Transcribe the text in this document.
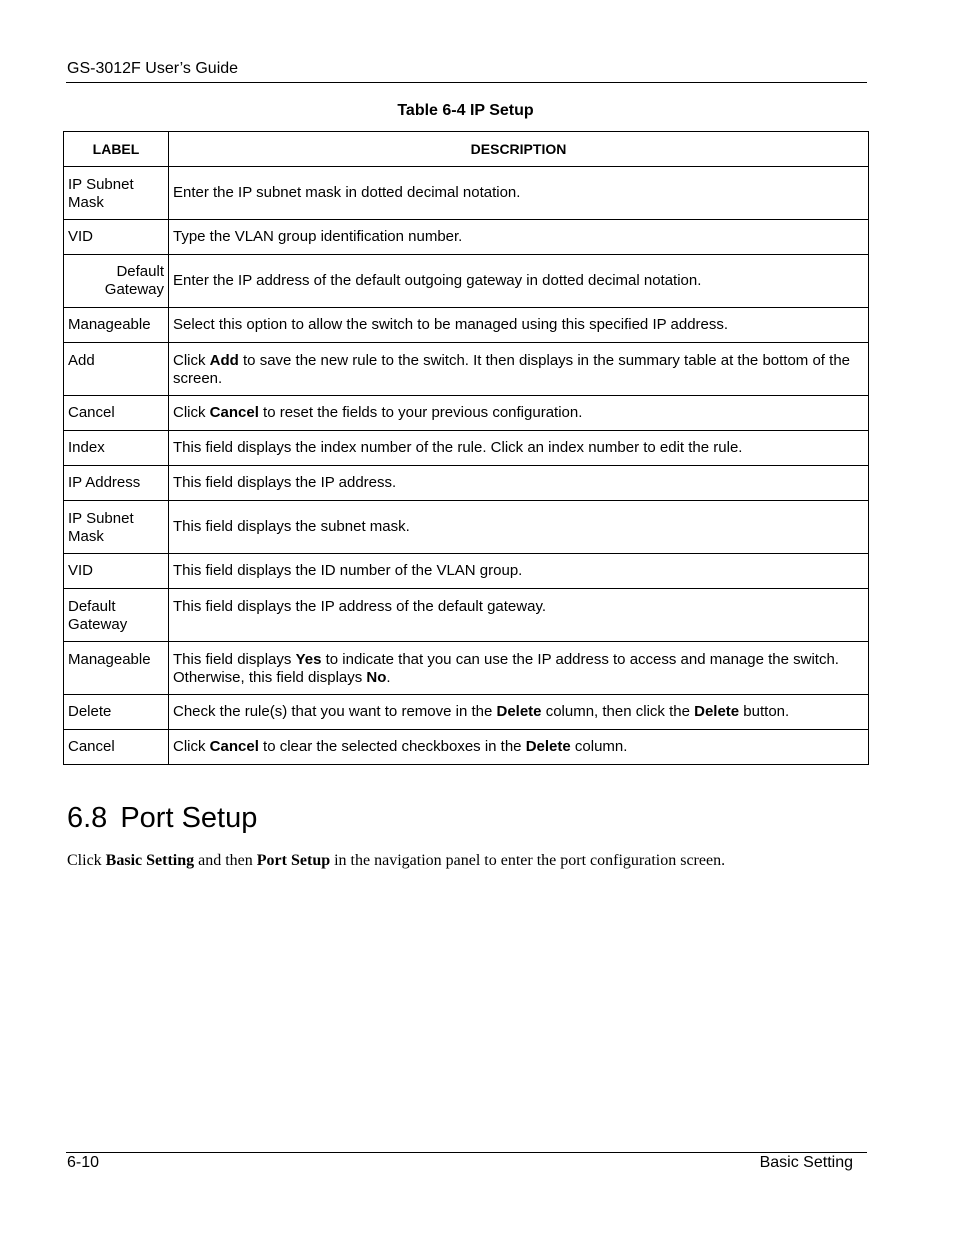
GS-3012F User’s Guide
Table 6-4 IP Setup
LABEL	DESCRIPTION
IP Subnet Mask	Enter the IP subnet mask in dotted decimal notation.
VID	Type the VLAN group identification number.
Default Gateway	Enter the IP address of the default outgoing gateway in dotted decimal notation.
Manageable	Select this option to allow the switch to be managed using this specified IP address.
Add	Click Add to save the new rule to the switch. It then displays in the summary table at the bottom of the screen.
Cancel	Click Cancel to reset the fields to your previous configuration.
Index	This field displays the index number of the rule. Click an index number to edit the rule.
IP Address	This field displays the IP address.
IP Subnet Mask	This field displays the subnet mask.
VID	This field displays the ID number of the VLAN group.
Default Gateway	This field displays the IP address of the default gateway.
Manageable	This field displays Yes to indicate that you can use the IP address to access and manage the switch. Otherwise, this field displays No.
Delete	Check the rule(s) that you want to remove in the Delete column, then click the Delete button.
Cancel	Click Cancel to clear the selected checkboxes in the Delete column.
6.8 Port Setup

Click Basic Setting and then Port Setup in the navigation panel to enter the port configuration screen.

6-10	Basic Setting
